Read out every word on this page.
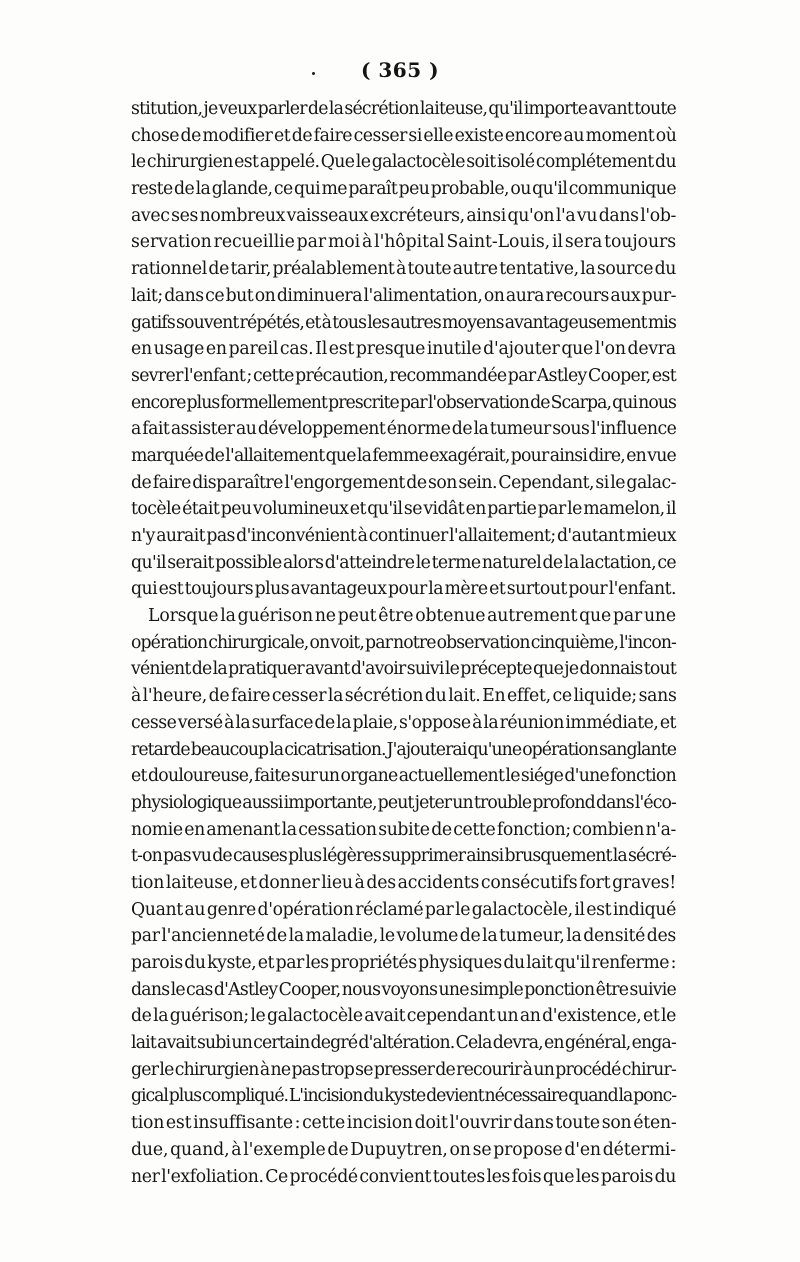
( 365 )
stitution, je veux parler de la sécrétion laiteuse, qu'il importe avant toute
chose de modifier et de faire cesser si elle existe encore au moment où
le chirurgien est appelé. Que le galactocèle soit isolé complétement du
reste de la glande, ce qui me paraît peu probable, ou qu'il communique
avec ses nombreux vaisseaux excréteurs, ainsi qu'on l'a vu dans l'ob-
servation recueillie par moi à l'hôpital Saint-Louis, il sera toujours
rationnel de tarir, préalablement à toute autre tentative, la source du
lait; dans ce but on diminuera l'alimentation, on aura recours aux pur-
gatifs souvent répétés, et à tous les autres moyens avantageusement mis
en usage en pareil cas. Il est presque inutile d'ajouter que l'on devra
sevrer l'enfant ; cette précaution, recommandée par Astley Cooper, est
encore plus formellement prescrite par l'observation de Scarpa, qui nous
a fait assister au développement énorme de la tumeur sous l'influence
marquée de l'allaitement que la femme exagérait, pour ainsi dire, en vue
de faire disparaître l'engorgement de son sein. Cependant, si le galac-
tocèle était peu volumineux et qu'il se vidât en partie par le mamelon, il
n'y aurait pas d'inconvénient à continuer l'allaitement; d'autant mieux
qu'il serait possible alors d'atteindre le terme naturel de la lactation, ce
qui est toujours plus avantageux pour la mère et surtout pour l'enfant.
Lorsque la guérison ne peut être obtenue autrement que par une
opération chirurgicale, on voit, par notre observation cinquième, l'incon-
vénient de la pratiquer avant d'avoir suivi le précepte que je donnais tout
à l'heure, de faire cesser la sécrétion du lait. En effet, ce liquide; sans
cesse versé à la surface de la plaie, s'oppose à la réunion immédiate, et
retarde beaucoup la cicatrisation. J'ajouterai qu'une opération sanglante
et douloureuse, faite sur un organe actuellement le siége d'une fonction
physiologique aussi importante, peut jeter un trouble profond dans l'éco-
nomie en amenant la cessation subite de cette fonction; combien n'a-
t-on pas vu de causes plus légères supprimer ainsi brusquement la sécré-
tion laiteuse, et donner lieu à des accidents consécutifs fort graves!
Quant au genre d'opération réclamé par le galactocèle, il est indiqué
par l'ancienneté de la maladie, le volume de la tumeur, la densité des
parois du kyste, et par les propriétés physiques du lait qu'il renferme :
dans le cas d'Astley Cooper, nous voyons une simple ponction être suivie
de la guérison; le galactocèle avait cependant un an d'existence, et le
lait avait subi un certain degré d'altération. Cela devra, en général, enga-
ger le chirurgien à ne pas trop se presser de recourir à un procédé chirur-
gical plus compliqué. L'incision du kyste devient nécessaire quand la ponc-
tion est insuffisante : cette incision doit l'ouvrir dans toute son éten-
due, quand, à l'exemple de Dupuytren, on se propose d'en détermi-
ner l'exfoliation. Ce procédé convient toutes les fois que les parois du
